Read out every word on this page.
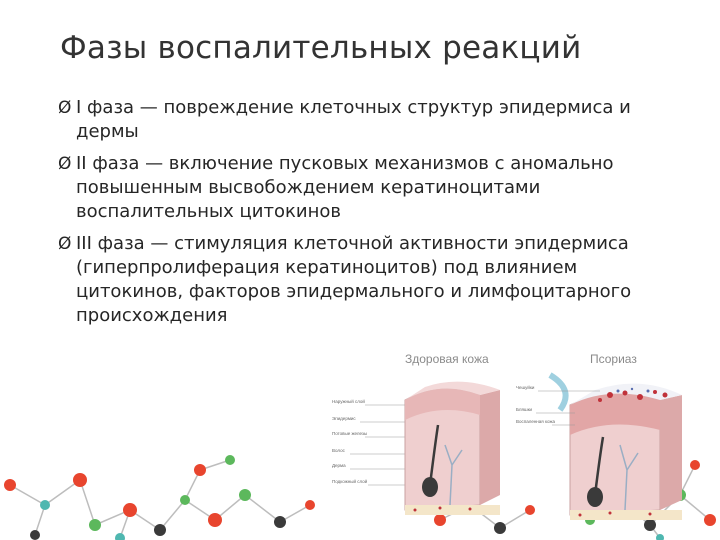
Фазы воспалительных реакций
Ø I фаза — повреждение клеточных структур эпидермиса и дермы
Ø II фаза — включение пусковых механизмов с аномально повышенным высвобождением кератиноцитами воспалительных цитокинов
Ø III фаза — стимуляция клеточной активности эпидермиса (гиперпролиферация кератиноцитов) под влиянием цитокинов, факторов эпидермального и лимфоцитарного происхождения
Здоровая кожа	Псориаз
Наружный слой
Эпидермис
Потовые железы
Волос
Дерма
Подкожный слой
Чешуйки
Бляшки
Воспаленная кожа
